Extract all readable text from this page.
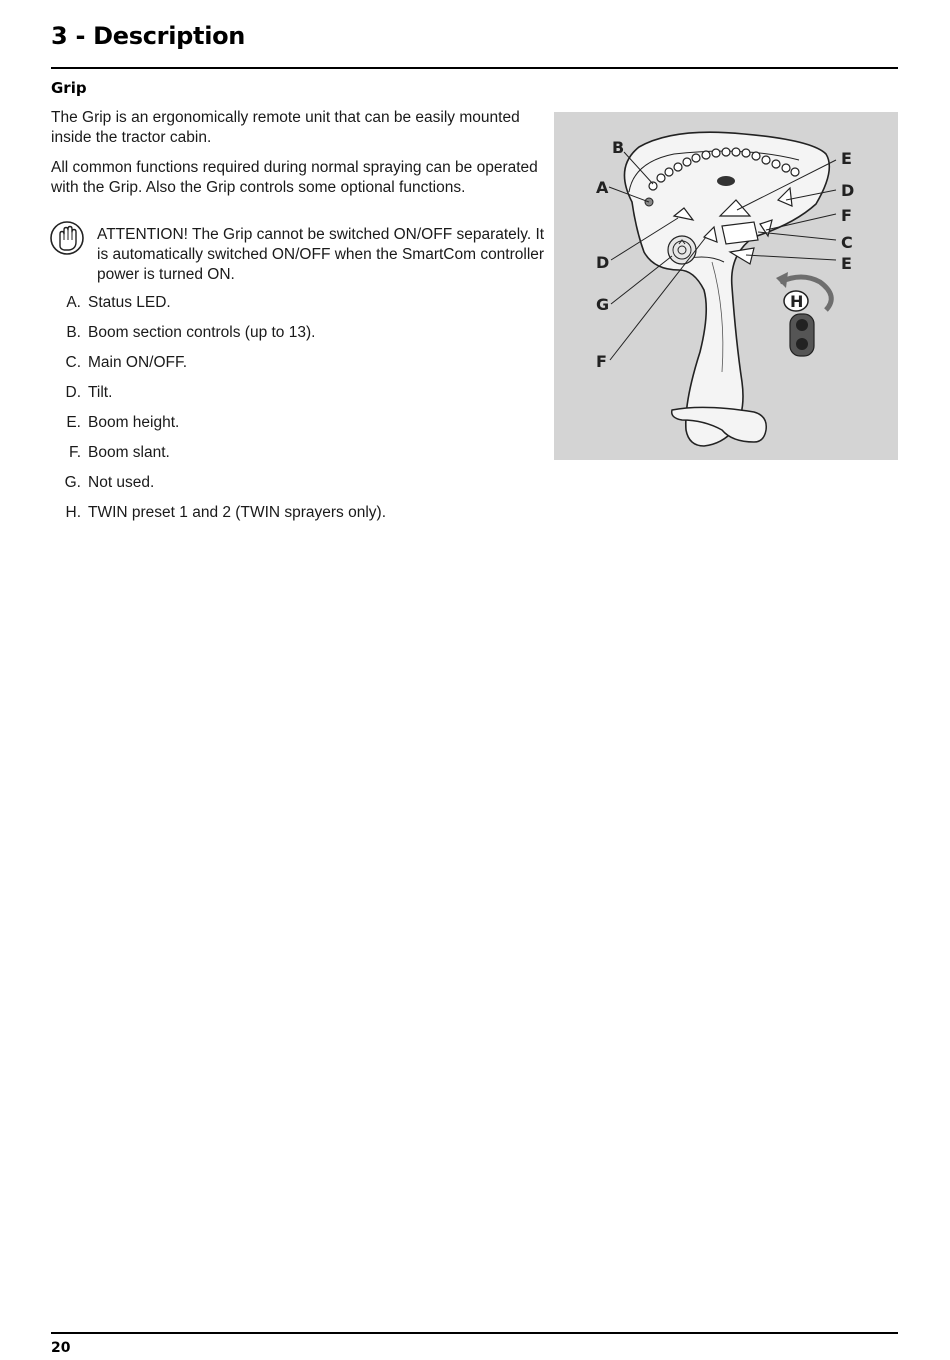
3 - Description
Grip

The Grip is an ergonomically remote unit that can be easily mounted inside the tractor cabin.

All common functions required during normal spraying can be operated with the Grip. Also the Grip controls some optional functions.

ATTENTION! The Grip cannot be switched ON/OFF separately. It is automatically switched ON/OFF when the SmartCom controller power is turned ON.

A. Status LED.
B. Boom section controls (up to 13).
C. Main ON/OFF.
D. Tilt.
E. Boom height.
F. Boom slant.
G. Not used.
H. TWIN preset 1 and 2 (TWIN sprayers only).
B
A
D
G
F
E
D
F
C
E
H

20
